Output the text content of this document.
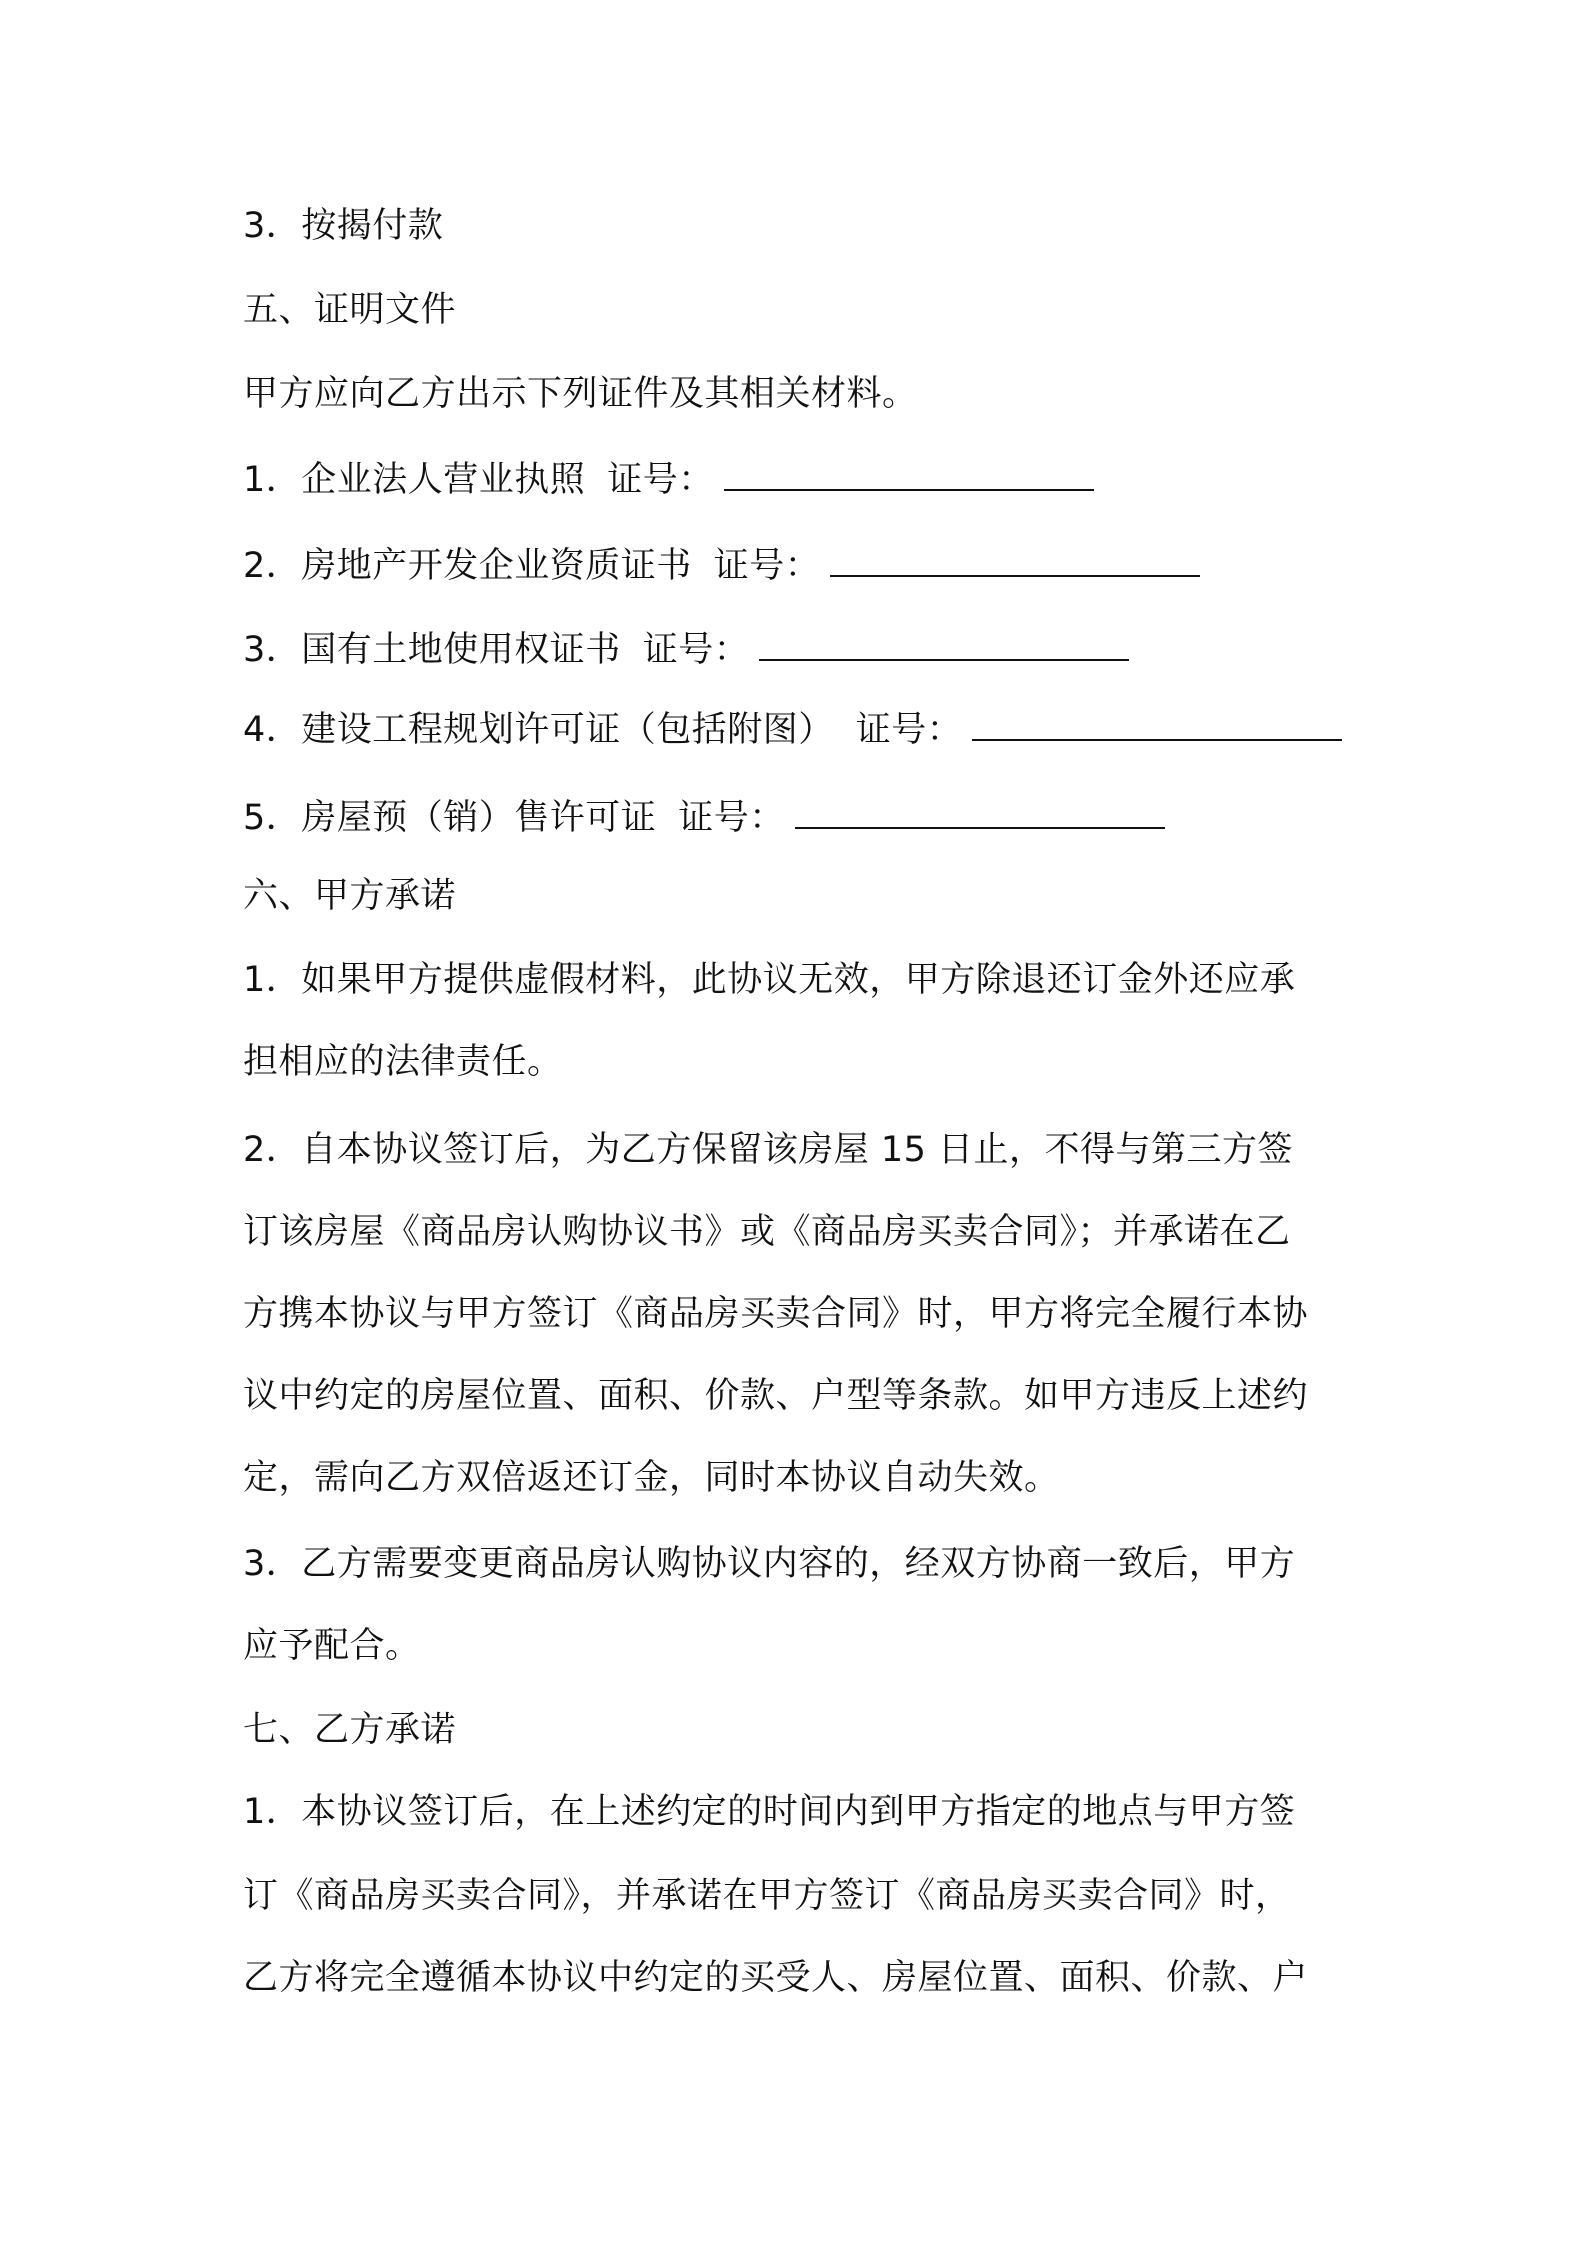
3．按揭付款
五、证明文件
甲方应向乙方出示下列证件及其相关材料。
1．企业法人营业执照 证号：
2．房地产开发企业资质证书 证号：
3．国有土地使用权证书 证号：
4．建设工程规划许可证（包括附图） 证号：
5．房屋预（销）售许可证 证号：
六、甲方承诺
1．如果甲方提供虚假材料，此协议无效，甲方除退还订金外还应承
担相应的法律责任。
2．自本协议签订后，为乙方保留该房屋 15 日止，不得与第三方签
订该房屋《商品房认购协议书》或《商品房买卖合同》；并承诺在乙
方携本协议与甲方签订《商品房买卖合同》时，甲方将完全履行本协
议中约定的房屋位置、面积、价款、户型等条款。如甲方违反上述约
定，需向乙方双倍返还订金，同时本协议自动失效。
3．乙方需要变更商品房认购协议内容的，经双方协商一致后，甲方
应予配合。
七、乙方承诺
1．本协议签订后，在上述约定的时间内到甲方指定的地点与甲方签
订《商品房买卖合同》，并承诺在甲方签订《商品房买卖合同》时，
乙方将完全遵循本协议中约定的买受人、房屋位置、面积、价款、户
